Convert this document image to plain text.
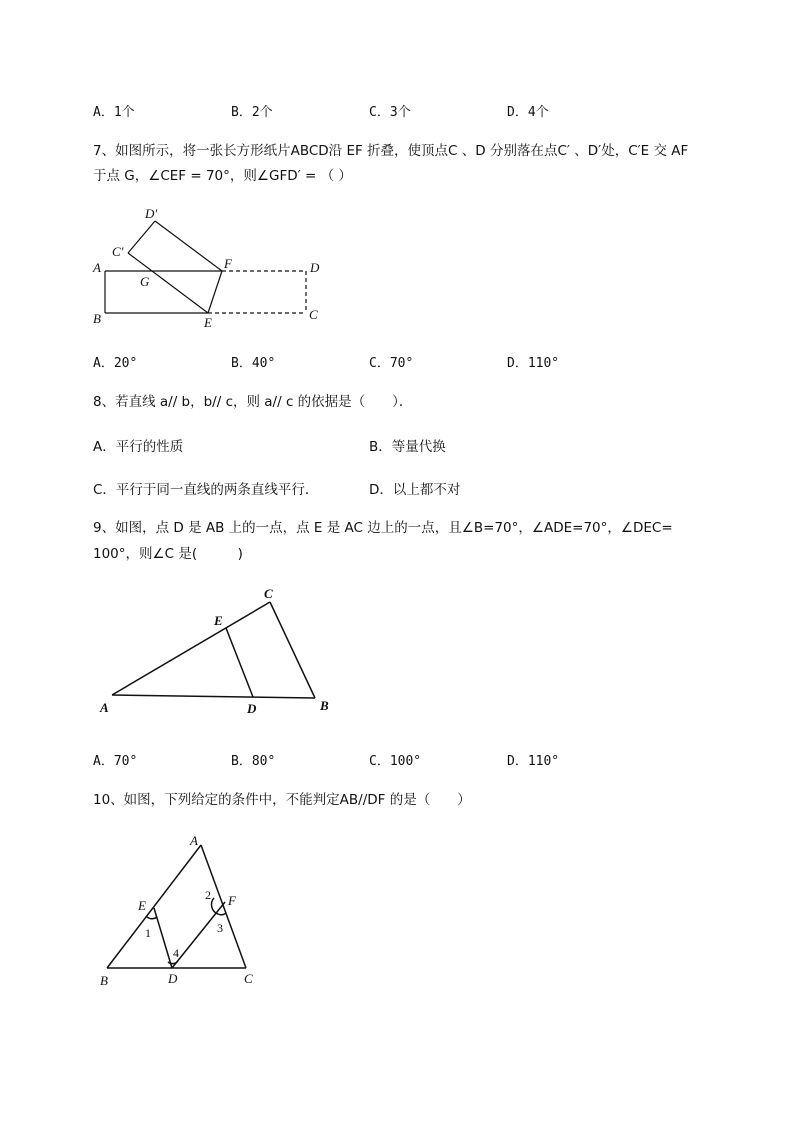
A．1个	B．2个	C．3个	D．4个
7、如图所示，将一张长方形纸片ABCD沿 EF 折叠，使顶点C 、D 分别落在点C′ 、D′处，C′E 交 AF
于点 G，∠CEF = 70°，则∠GFD′ = （ ）
D′
C′
A
G
F	D
B	E
C
C
E
A	D	B
A
E
1
2 F
3
4
B	D	C
A．20°	B．40°	C．70°	D．110°
8、若直线 a// b，b// c，则 a// c 的依据是（　　）．
A．平行的性质	B．等量代换
C．平行于同一直线的两条直线平行．	D．以上都不对
9、如图，点 D 是 AB 上的一点，点 E 是 AC 边上的一点，且∠B=70°，∠ADE=70°，∠DEC=
100°，则∠C 是(　　　)
A．70°	B．80°	C．100°	D．110°
10、如图，下列给定的条件中，不能判定AB//DF 的是（　　）
